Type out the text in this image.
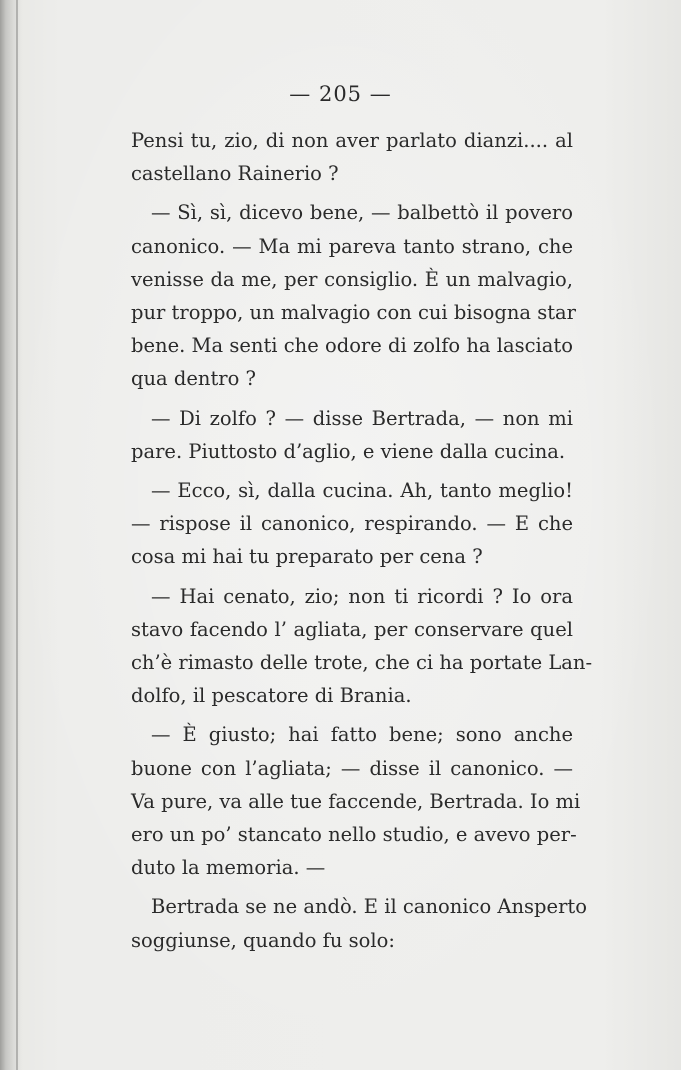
— 205 —
Pensi tu, zio, di non aver parlato dianzi.... al
castellano Rainerio ?
— Sì, sì, dicevo bene, — balbettò il povero
canonico. — Ma mi pareva tanto strano, che
venisse da me, per consiglio. È un malvagio,
pur troppo, un malvagio con cui bisogna star
bene. Ma senti che odore di zolfo ha lasciato
qua dentro ?
— Di zolfo ? — disse Bertrada, — non mi
pare. Piuttosto d’aglio, e viene dalla cucina.
— Ecco, sì, dalla cucina. Ah, tanto meglio!
— rispose il canonico, respirando. — E che
cosa mi hai tu preparato per cena ?
— Hai cenato, zio; non ti ricordi ? Io ora
stavo facendo l’ agliata, per conservare quel
ch’è rimasto delle trote, che ci ha portate Lan-
dolfo, il pescatore di Brania.
— È giusto; hai fatto bene; sono anche
buone con l’agliata; — disse il canonico. —
Va pure, va alle tue faccende, Bertrada. Io mi
ero un po’ stancato nello studio, e avevo per-
duto la memoria. —
Bertrada se ne andò. E il canonico Ansperto
soggiunse, quando fu solo:
